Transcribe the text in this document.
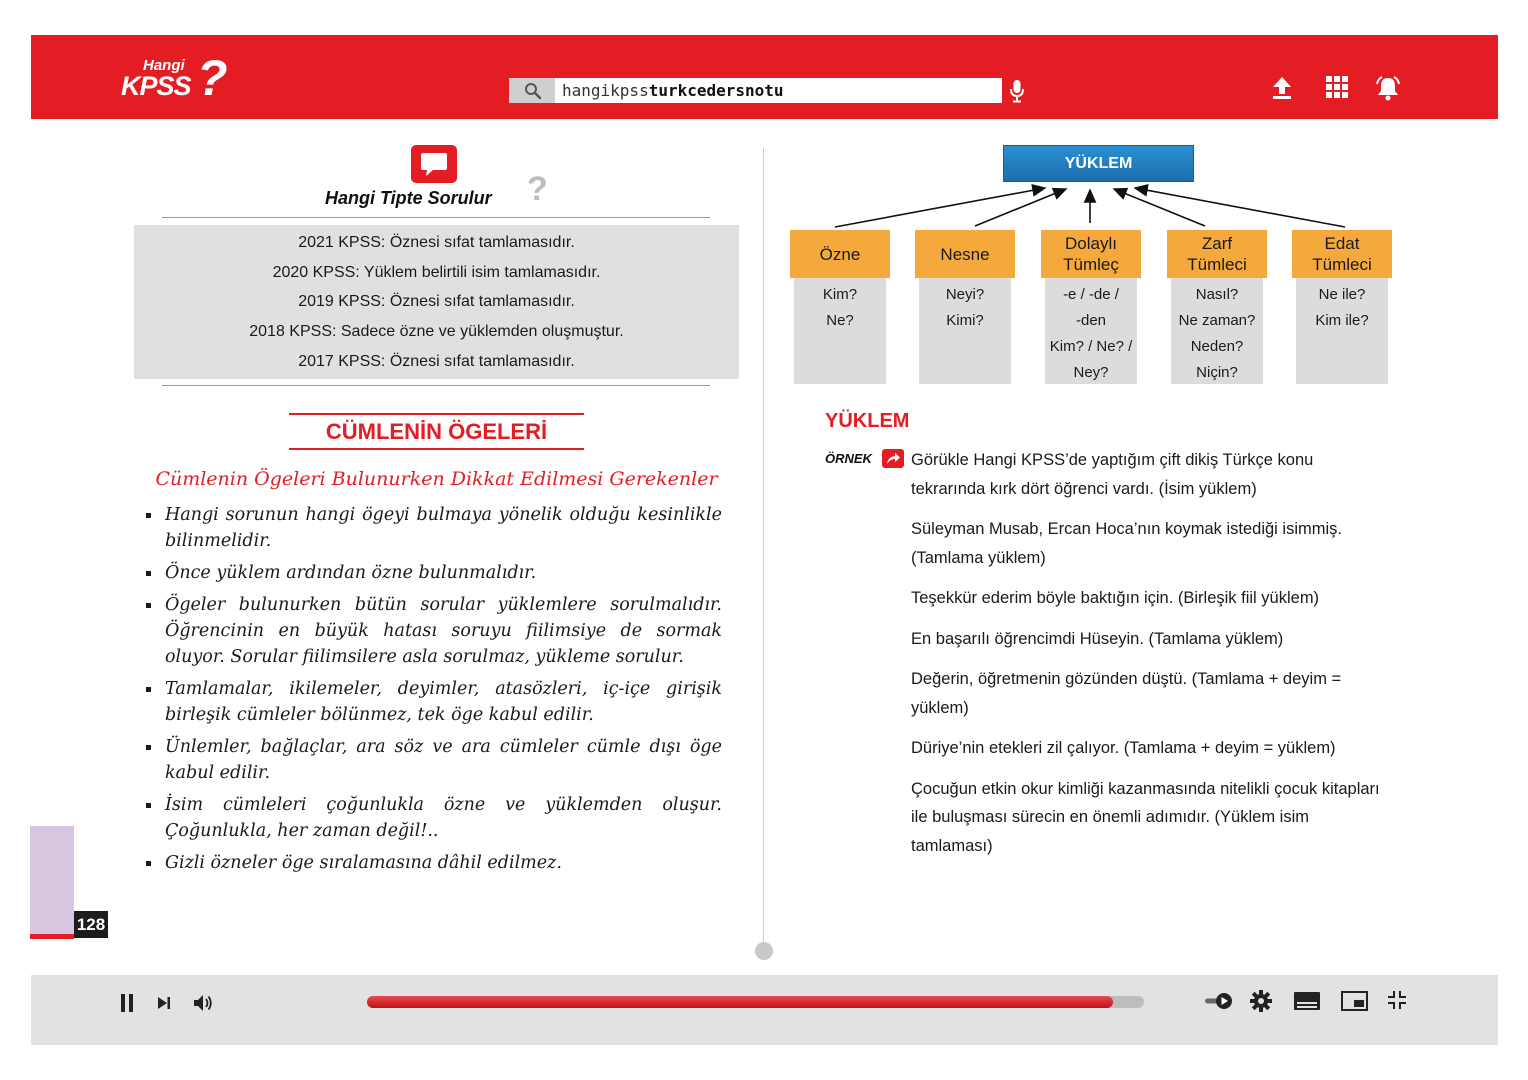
Hangi
KPSS ?	hangikpssturkcedersnotu
Hangi Tipte Sorulur ?

2021 KPSS: Öznesi sıfat tamlamasıdır.

2020 KPSS: Yüklem belirtili isim tamlamasıdır.

2019 KPSS: Öznesi sıfat tamlamasıdır.

2018 KPSS: Sadece özne ve yüklemden oluşmuştur.

2017 KPSS: Öznesi sıfat tamlamasıdır.

CÜMLENİN ÖGELERİ
Cümlenin Ögeleri Bulunurken Dikkat Edilmesi Gerekenler
Hangi sorunun hangi ögeyi bulmaya yönelik olduğu kesinlikle bilinmelidir.
Önce yüklem ardından özne bulunmalıdır.
Ögeler bulunurken bütün sorular yüklemlere sorulmalıdır. Öğrencinin en büyük hatası soruyu fiilimsiye de sormak oluyor. Sorular fiilimsilere asla sorulmaz, yükleme sorulur.
Tamlamalar, ikilemeler, deyimler, atasözleri, iç-içe girişik birleşik cümleler bölünmez, tek öge kabul edilir.
Ünlemler, bağlaçlar, ara söz ve ara cümleler cümle dışı öge kabul edilir.
İsim cümleleri çoğunlukla özne ve yüklemden oluşur. Çoğunlukla, her zaman değil!..
Gizli özneler öge sıralamasına dâhil edilmez.
128
YÜKLEM
Özne
Kim?
Ne?
Nesne
Neyi?
Kimi?
Dolaylı Tümleç
-e / -de /
-den
Kim? / Ne? /
Ney?
Zarf Tümleci
Nasıl?
Ne zaman?
Neden?
Niçin?
Edat Tümleci
Ne ile?
Kim ile?
YÜKLEM
ÖRNEK Görükle Hangi KPSS’de yaptığım çift dikiş Türkçe konu tekrarında kırk dört öğrenci vardı. (İsim yüklem)
Süleyman Musab, Ercan Hoca’nın koymak istediği isimmiş. (Tamlama yüklem)
Teşekkür ederim böyle baktığın için. (Birleşik fiil yüklem)
En başarılı öğrencimdi Hüseyin. (Tamlama yüklem)
Değerin, öğretmenin gözünden düştü. (Tamlama + deyim = yüklem)
Düriye’nin etekleri zil çalıyor. (Tamlama + deyim = yüklem)
Çocuğun etkin okur kimliği kazanmasında nitelikli çocuk kitapları ile buluşması sürecin en önemli adımıdır. (Yüklem isim tamlaması)
